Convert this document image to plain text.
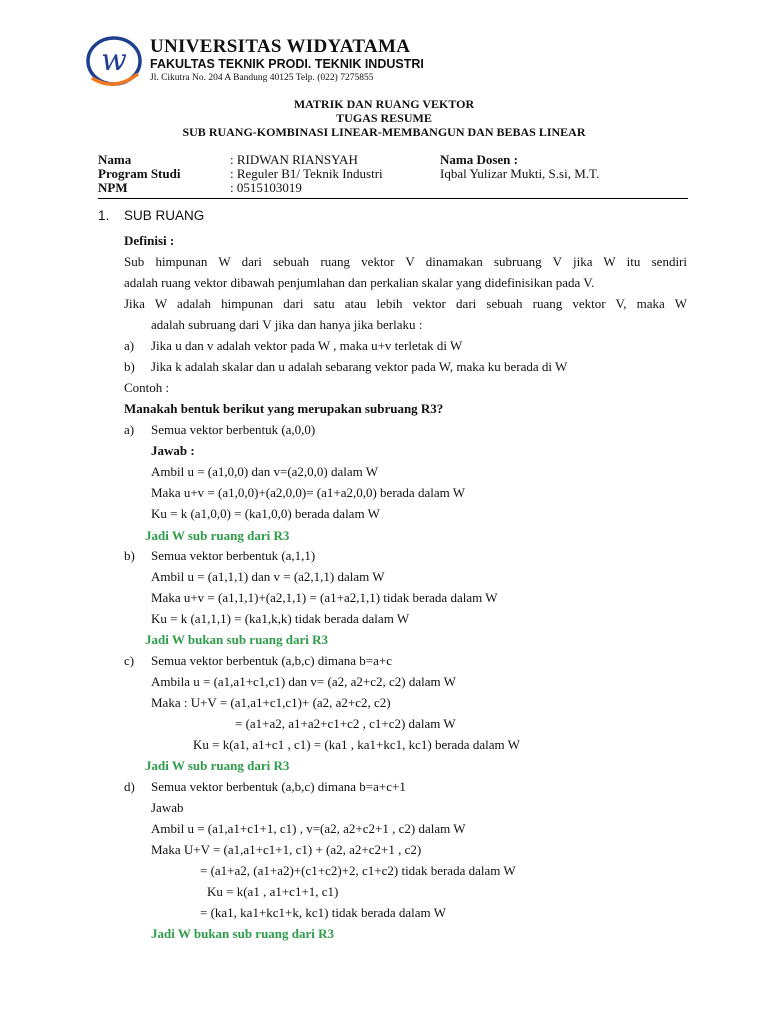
w UNIVERSITAS WIDYATAMA
FAKULTAS TEKNIK PRODI. TEKNIK INDUSTRI
Jl. Cikutra No. 204 A Bandung 40125 Telp. (022) 7275855
MATRIK DAN RUANG VEKTOR
TUGAS RESUME
SUB RUANG-KOMBINASI LINEAR-MEMBANGUN DAN BEBAS LINEAR
Nama	: RIDWAN RIANSYAH
Program Studi	: Reguler B1/ Teknik Industri
NPM	: 0515103019
Nama Dosen :
Iqbal Yulizar Mukti, S.si, M.T.
1. SUB RUANG
Definisi :
Sub himpunan W dari sebuah ruang vektor V dinamakan subruang V jika W itu sendiri
adalah ruang vektor dibawah penjumlahan dan perkalian skalar yang didefinisikan pada V.
Jika W adalah himpunan dari satu atau lebih vektor dari sebuah ruang vektor V, maka W
adalah subruang dari V jika dan hanya jika berlaku :
a) Jika u dan v adalah vektor pada W , maka u+v terletak di W
b) Jika k adalah skalar dan u adalah sebarang vektor pada W, maka ku berada di W
Contoh :
Manakah bentuk berikut yang merupakan subruang R3?
a) Semua vektor berbentuk (a,0,0)
Jawab :
Ambil u = (a1,0,0) dan v=(a2,0,0) dalam W
Maka u+v = (a1,0,0)+(a2,0,0)= (a1+a2,0,0) berada dalam W
Ku = k (a1,0,0) = (ka1,0,0) berada dalam W
Jadi W sub ruang dari R3
b) Semua vektor berbentuk (a,1,1)
Ambil u = (a1,1,1) dan v = (a2,1,1) dalam W
Maka u+v = (a1,1,1)+(a2,1,1) = (a1+a2,1,1) tidak berada dalam W
Ku = k (a1,1,1) = (ka1,k,k) tidak berada dalam W
Jadi W bukan sub ruang dari R3
c) Semua vektor berbentuk (a,b,c) dimana b=a+c
Ambila u = (a1,a1+c1,c1) dan v= (a2, a2+c2, c2) dalam W
Maka : U+V = (a1,a1+c1,c1)+ (a2, a2+c2, c2)
= (a1+a2, a1+a2+c1+c2 , c1+c2) dalam W
Ku = k(a1, a1+c1 , c1) = (ka1 , ka1+kc1, kc1) berada dalam W
Jadi W sub ruang dari R3
d) Semua vektor berbentuk (a,b,c) dimana b=a+c+1
Jawab
Ambil u = (a1,a1+c1+1, c1) , v=(a2, a2+c2+1 , c2) dalam W
Maka U+V = (a1,a1+c1+1, c1) + (a2, a2+c2+1 , c2)
= (a1+a2, (a1+a2)+(c1+c2)+2, c1+c2) tidak berada dalam W
Ku = k(a1 , a1+c1+1, c1)
= (ka1, ka1+kc1+k, kc1) tidak berada dalam W
Jadi W bukan sub ruang dari R3
